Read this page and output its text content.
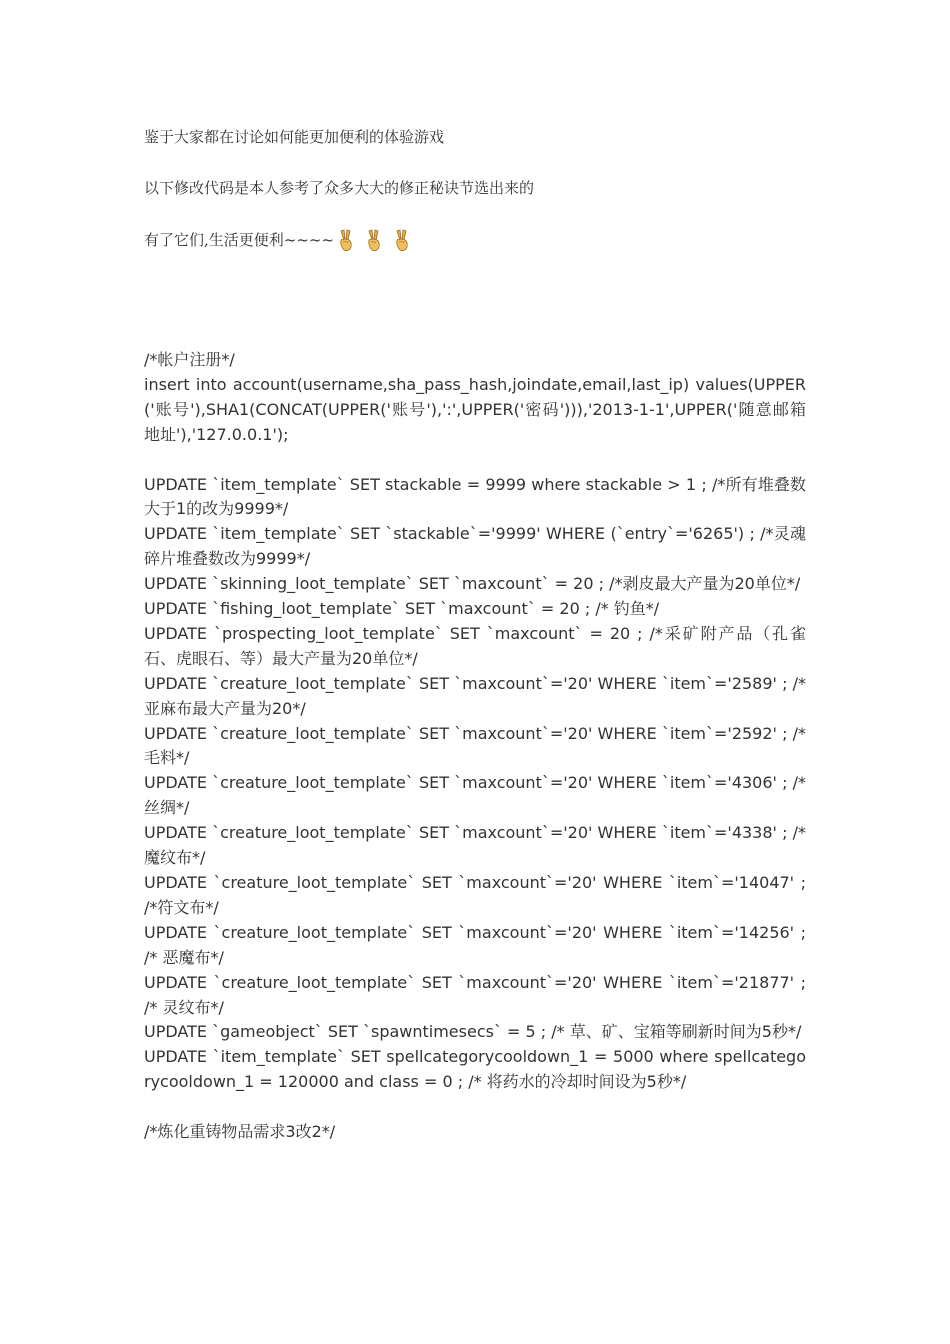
鉴于大家都在讨论如何能更加便利的体验游戏
以下修改代码是本人参考了众多大大的修正秘诀节选出来的
有了它们,生活更便利~~~~
/*帐户注册*/
insert into account(username,sha_pass_hash,joindate,email,last_ip) values(UPPER('账号'),SHA1(CONCAT(UPPER('账号'),':',UPPER('密码'))),'2013-1-1',UPPER('随意邮箱地址'),'127.0.0.1');
UPDATE `item_template` SET stackable = 9999 where stackable > 1 ; /*所有堆叠数大于1的改为9999*/
UPDATE `item_template` SET `stackable`='9999' WHERE (`entry`='6265') ; /*灵魂碎片堆叠数改为9999*/
UPDATE `skinning_loot_template` SET `maxcount` = 20 ; /*剥皮最大产量为20单位*/
UPDATE `fishing_loot_template` SET `maxcount` = 20 ; /* 钓鱼*/
UPDATE `prospecting_loot_template` SET `maxcount` = 20 ; /*采矿附产品（孔雀石、虎眼石、等）最大产量为20单位*/
UPDATE `creature_loot_template` SET `maxcount`='20' WHERE `item`='2589' ; /*亚麻布最大产量为20*/
UPDATE `creature_loot_template` SET `maxcount`='20' WHERE `item`='2592' ; /*毛料*/
UPDATE `creature_loot_template` SET `maxcount`='20' WHERE `item`='4306' ; /*丝绸*/
UPDATE `creature_loot_template` SET `maxcount`='20' WHERE `item`='4338' ; /* 魔纹布*/
UPDATE `creature_loot_template` SET `maxcount`='20' WHERE `item`='14047' ; /*符文布*/
UPDATE `creature_loot_template` SET `maxcount`='20' WHERE `item`='14256' ; /* 恶魔布*/
UPDATE `creature_loot_template` SET `maxcount`='20' WHERE `item`='21877' ; /* 灵纹布*/
UPDATE `gameobject` SET `spawntimesecs` = 5 ; /* 草、矿、宝箱等刷新时间为5秒*/
UPDATE `item_template` SET spellcategorycooldown_1 = 5000 where spellcategorycooldown_1 = 120000 and class = 0 ; /* 将药水的冷却时间设为5秒*/
/*炼化重铸物品需求3改2*/
